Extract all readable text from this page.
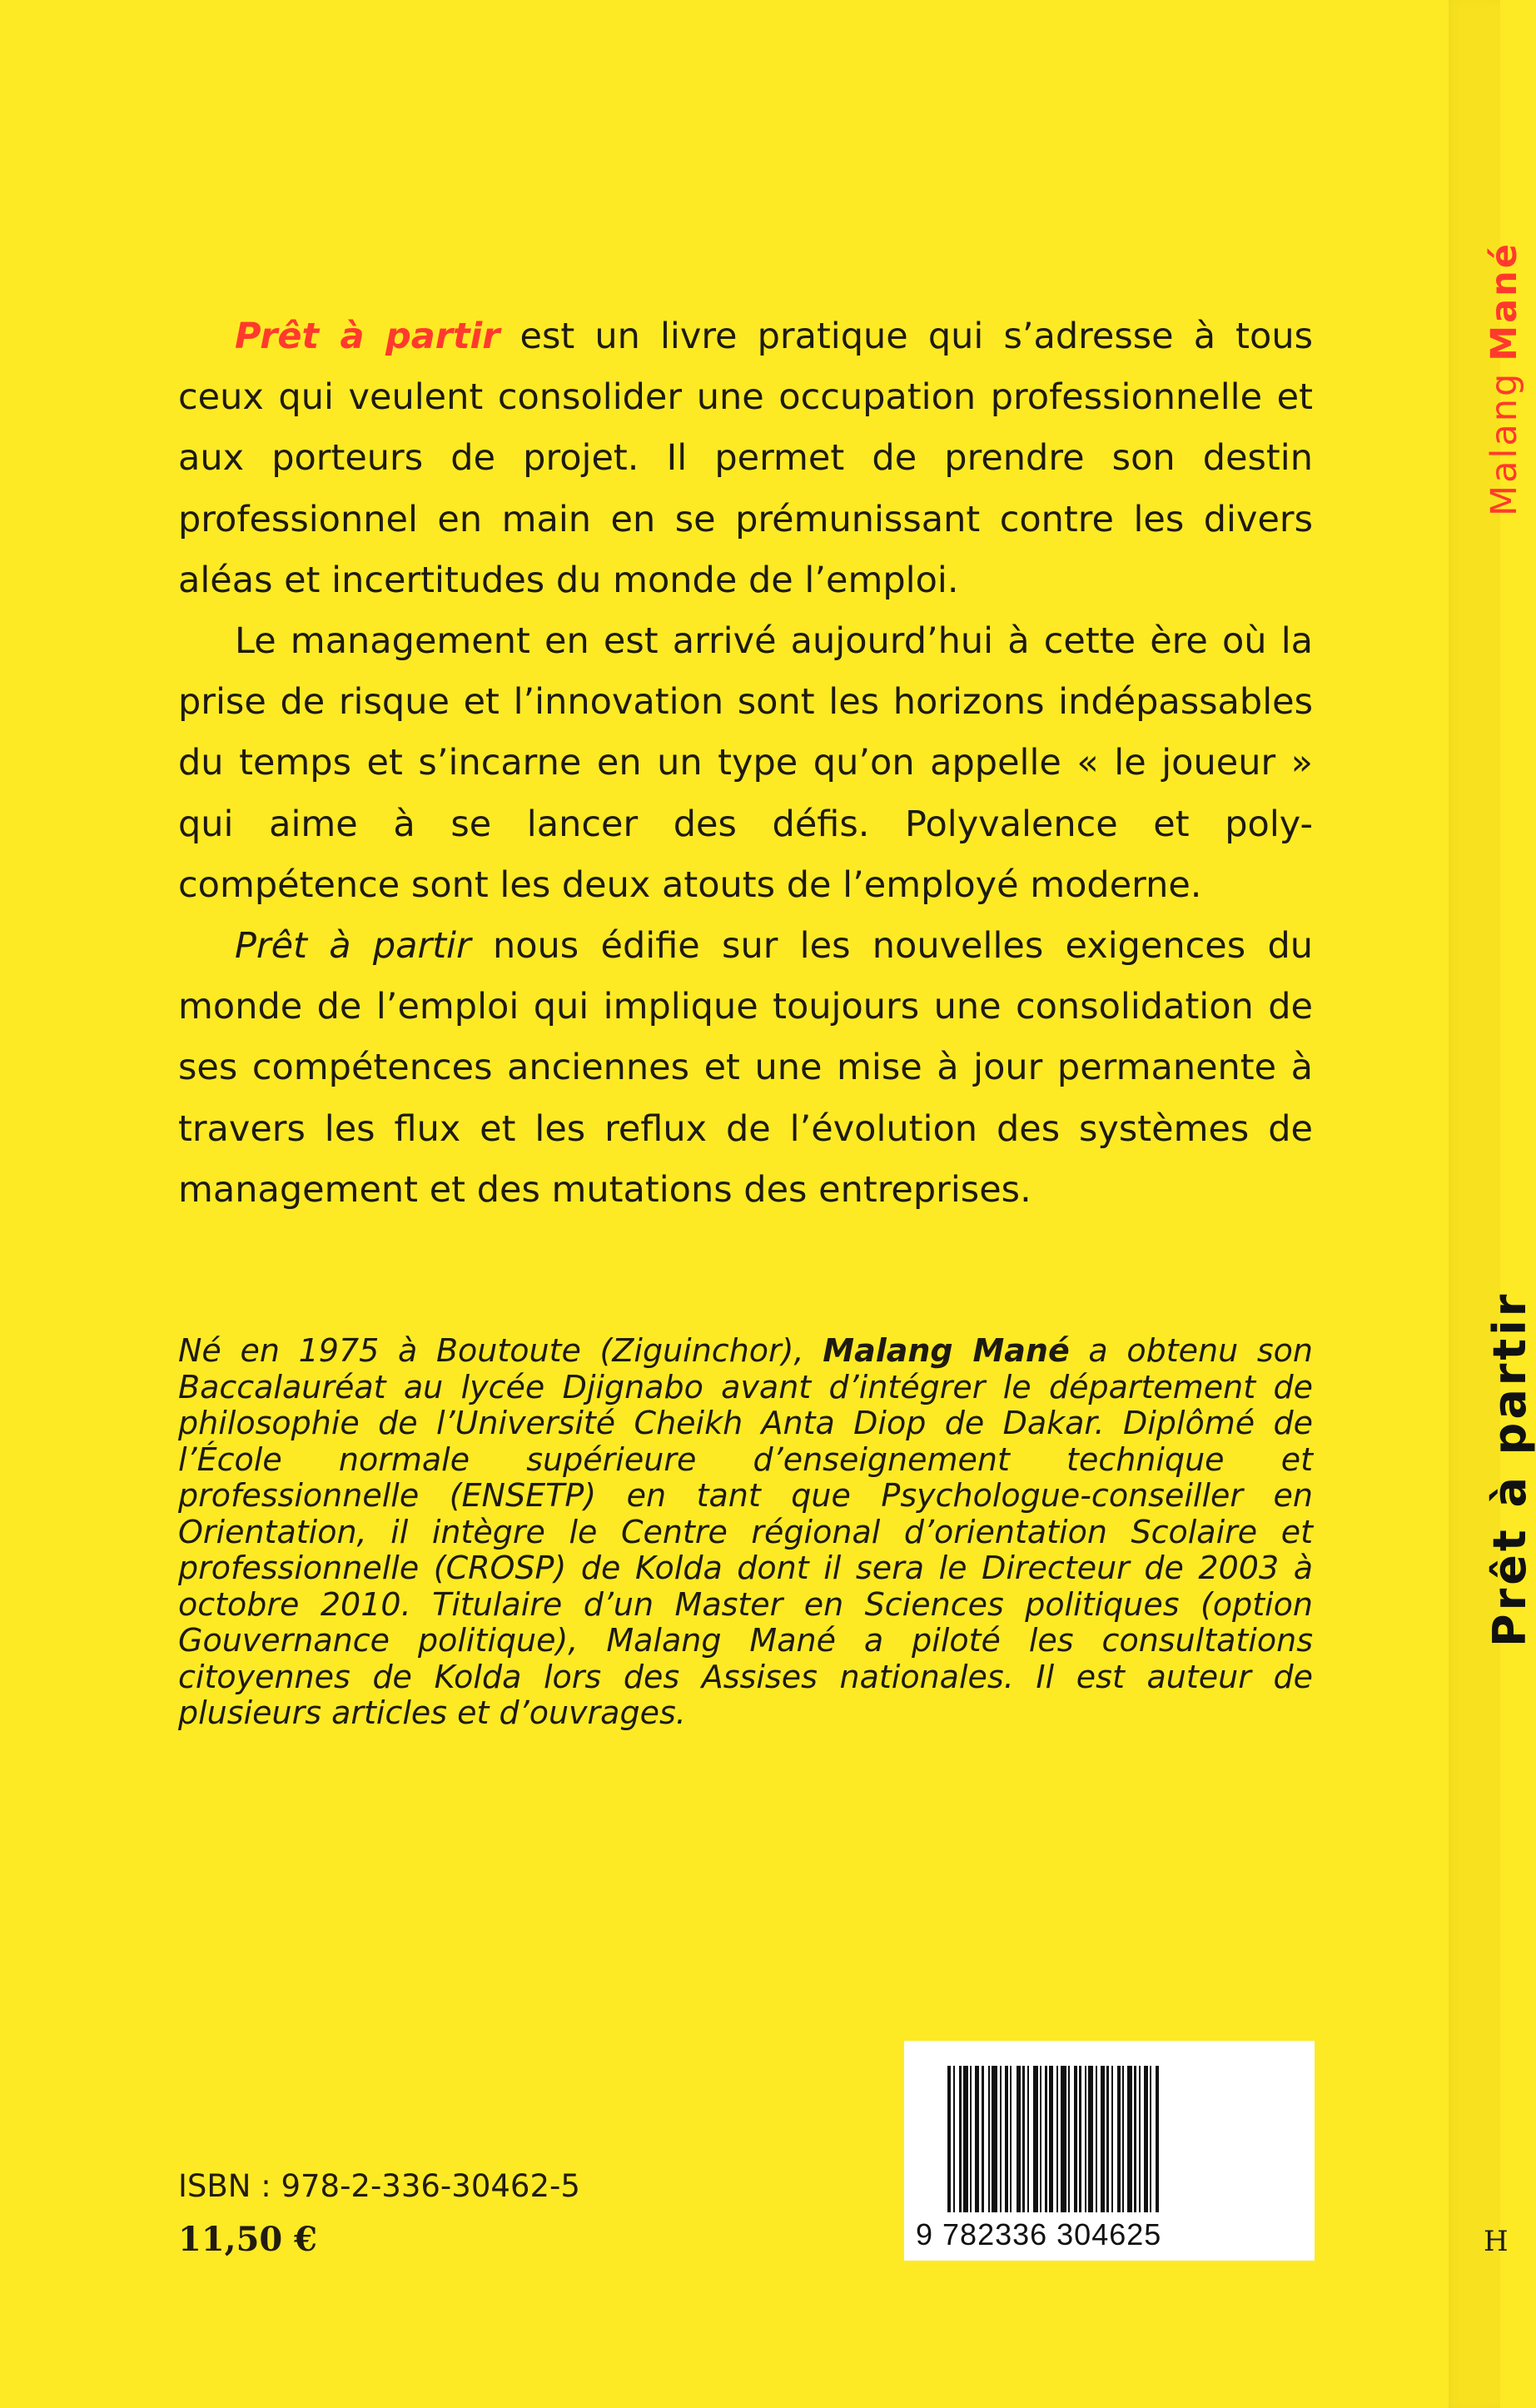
Prêt à partir est un livre pratique qui s’adresse à tous ceux qui veulent consolider une occupation professionnelle et aux porteurs de projet. Il permet de prendre son destin professionnel en main en se prémunissant contre les divers aléas et incertitudes du monde de l’emploi.

Le management en est arrivé aujourd’hui à cette ère où la prise de risque et l’innovation sont les horizons indépassables du temps et s’incarne en un type qu’on appelle « le joueur » qui aime à se lancer des défis. Polyvalence et poly-compétence sont les deux atouts de l’employé moderne.

Prêt à partir nous édifie sur les nouvelles exigences du monde de l’emploi qui implique toujours une consolidation de ses compétences anciennes et une mise à jour permanente à travers les flux et les reflux de l’évolution des systèmes de management et des mutations des entreprises.

Né en 1975 à Boutoute (Ziguinchor), Malang Mané a obtenu son Baccalauréat au lycée Djignabo avant d’intégrer le département de philosophie de l’Université Cheikh Anta Diop de Dakar. Diplômé de l’École normale supérieure d’enseignement technique et professionnelle (ENSETP) en tant que Psychologue-conseiller en Orientation, il intègre le Centre régional d’orientation Scolaire et professionnelle (CROSP) de Kolda dont il sera le Directeur de 2003 à octobre 2010. Titulaire d’un Master en Sciences politiques (option Gouvernance politique), Malang Mané a piloté les consultations citoyennes de Kolda lors des Assises nationales. Il est auteur de plusieurs articles et d’ouvrages.

ISBN : 978-2-336-30462-5
11,50 €	9 782336 304625
MalangMané
Prêt à partir
H
